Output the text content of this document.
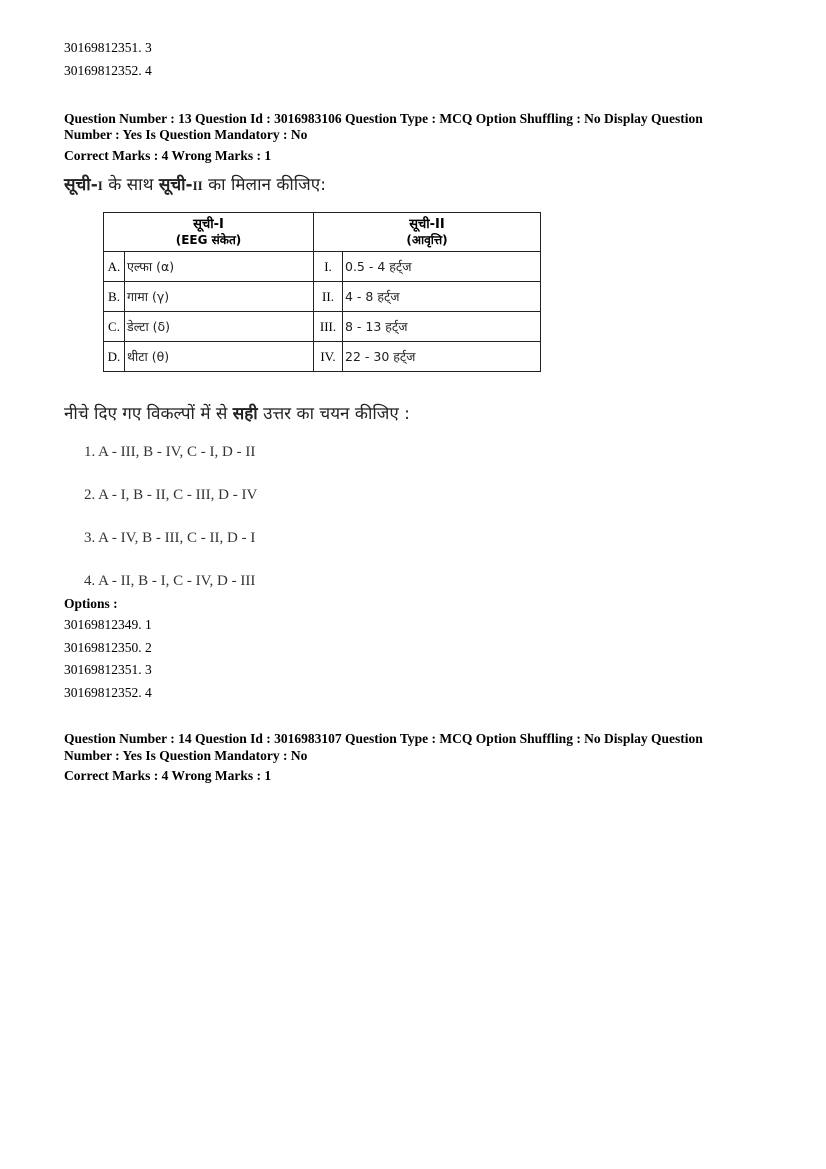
30169812351. 3
30169812352. 4
Question Number : 13 Question Id : 3016983106 Question Type : MCQ Option Shuffling : No Display Question
Number : Yes Is Question Mandatory : No
Correct Marks : 4 Wrong Marks : 1
सूची-I के साथ सूची-II का मिलान कीजिए:
सूची-I
(EEG संकेत)		सूची-II
(आवृत्ति)	
A.	एल्फा (α)	I.	0.5 - 4 हर्ट्ज
B.	गामा (γ)	II.	4 - 8 हर्ट्ज
C.	डेल्टा (δ)	III.	8 - 13 हर्ट्ज
D.	थीटा (θ)	IV.	22 - 30 हर्ट्ज
नीचे दिए गए विकल्पों में से सही उत्तर का चयन कीजिए :
1. A - III, B - IV, C - I, D - II
2. A - I, B - II, C - III, D - IV
3. A - IV, B - III, C - II, D - I
4. A - II, B - I, C - IV, D - III
Options :
30169812349. 1
30169812350. 2
30169812351. 3
30169812352. 4
Question Number : 14 Question Id : 3016983107 Question Type : MCQ Option Shuffling : No Display Question
Number : Yes Is Question Mandatory : No
Correct Marks : 4 Wrong Marks : 1
